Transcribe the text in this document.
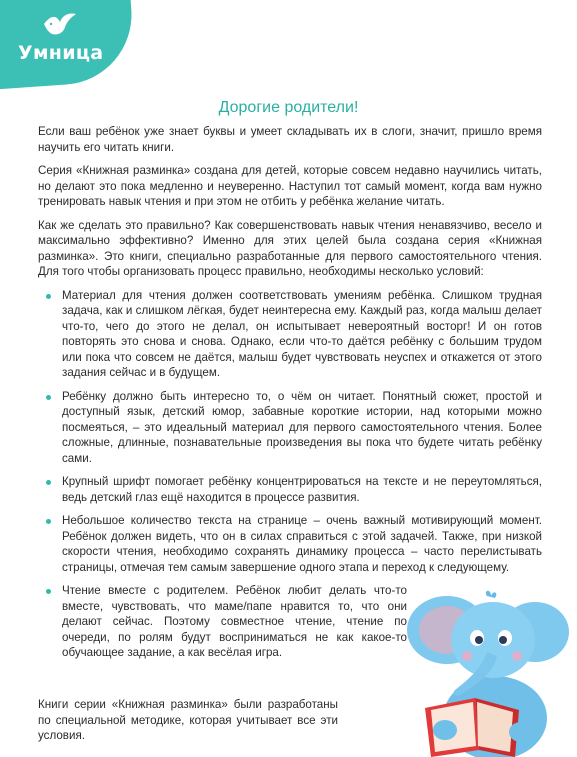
Умница
Дорогие родители!

Если ваш ребёнок уже знает буквы и умеет складывать их в слоги, значит, пришло время научить его читать книги.

Серия «Книжная разминка» создана для детей, которые совсем недавно научились читать, но делают это пока медленно и неуверенно. Наступил тот самый момент, когда вам нужно тренировать навык чтения и при этом не отбить у ребёнка желание читать.

Как же сделать это правильно? Как совершенствовать навык чтения ненавязчиво, весело и максимально эффективно? Именно для этих целей была создана серия «Книжная разминка». Это книги, специально разработанные для первого самостоятельного чтения. Для того чтобы организовать процесс правильно, необходимы несколько условий:

Материал для чтения должен соответствовать умениям ребёнка. Слишком трудная задача, как и слишком лёгкая, будет неинтересна ему. Каждый раз, когда малыш делает что-то, чего до этого не делал, он испытывает невероятный восторг! И он готов повторять это снова и снова. Однако, если что-то даётся ребёнку с большим трудом или пока что совсем не даётся, малыш будет чувствовать неуспех и откажется от этого задания сейчас и в будущем.
Ребёнку должно быть интересно то, о чём он читает. Понятный сюжет, простой и доступный язык, детский юмор, забавные короткие истории, над которыми можно посмеяться, – это идеальный материал для первого самостоятельного чтения. Более сложные, длинные, познавательные произведения вы пока что будете читать ребёнку сами.
Крупный шрифт помогает ребёнку концентрироваться на тексте и не переутомляться, ведь детский глаз ещё находится в процессе развития.
Небольшое количество текста на странице – очень важный мотивирующий момент. Ребёнок должен видеть, что он в силах справиться с этой задачей. Также, при низкой скорости чтения, необходимо сохранять динамику процесса – часто перелистывать страницы, отмечая тем самым завершение одного этапа и переход к следующему.
Чтение вместе с родителем. Ребёнок любит делать что-то вместе, чувствовать, что маме/папе нравится то, что они делают сейчас. Поэтому совместное чтение, чтение по очереди, по ролям будут восприниматься не как какое-то обучающее задание, а как весёлая игра.

Книги серии «Книжная разминка» были разработаны по специальной методике, которая учитывает все эти условия.
